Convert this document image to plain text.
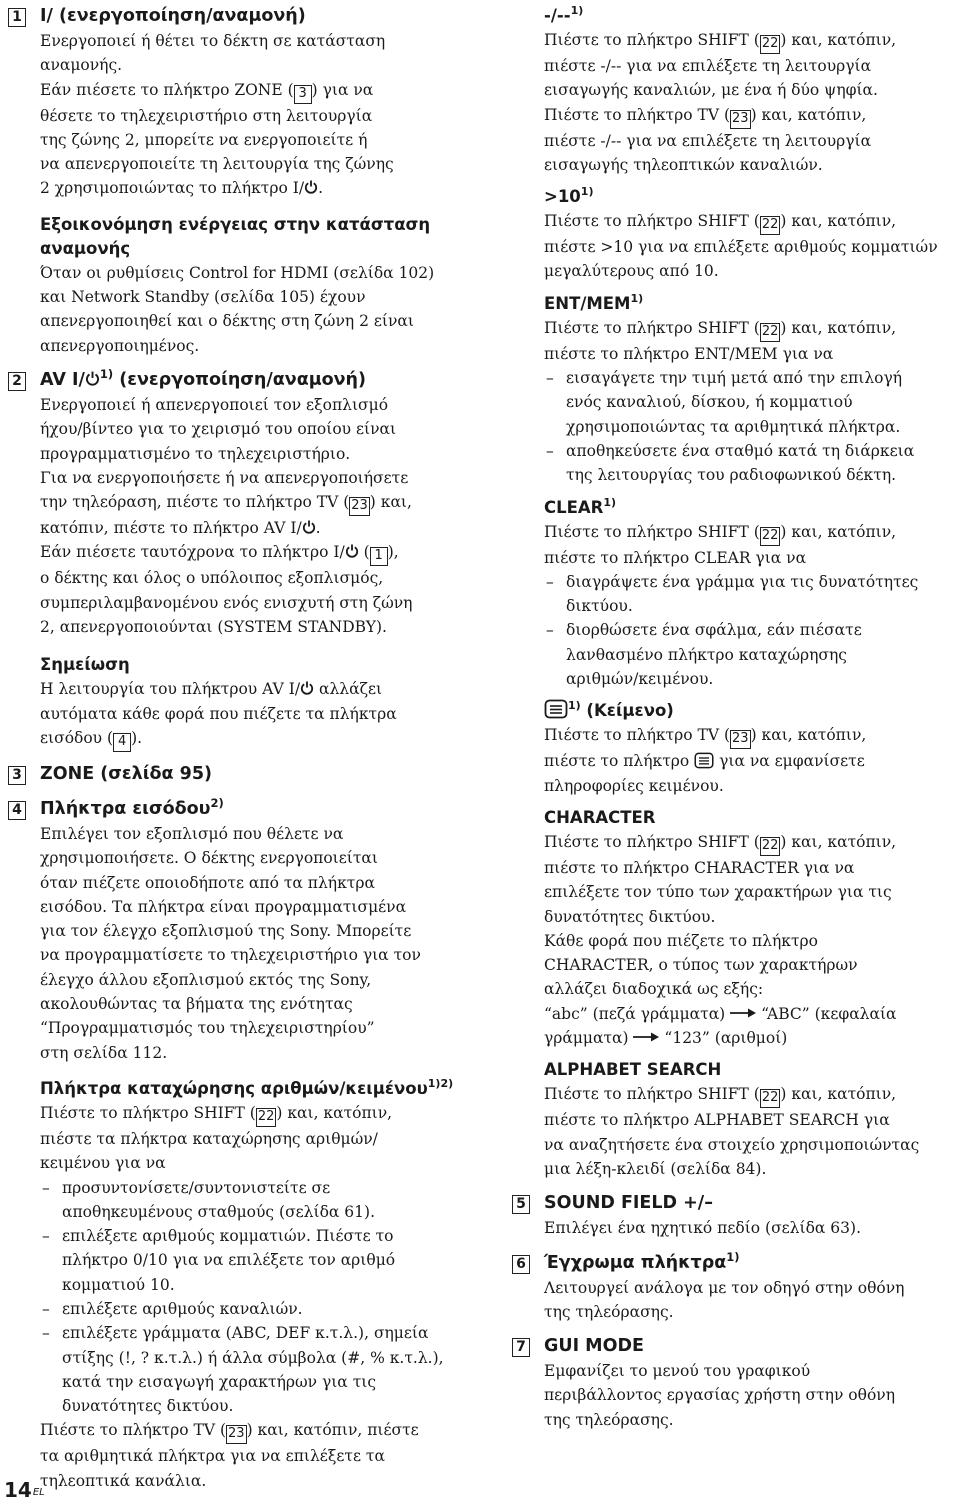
1 I/ (ενεργοποίηση/αναμονή)
Ενεργοποιεί ή θέτει το δέκτη σε κατάσταση
αναμονής.
Εάν πιέσετε το πλήκτρο ZONE ( 3 ) για να
θέσετε το τηλεχειριστήριο στη λειτουργία
της ζώνης 2, μπορείτε να ενεργοποιείτε ή
να απενεργοποιείτε τη λειτουργία της ζώνης
2 χρησιμοποιώντας το πλήκτρο I/ .
Εξοικονόμηση ενέργειας στην κατάσταση
αναμονής
Όταν οι ρυθμίσεις Control for HDMI (σελίδα 102)
και Network Standby (σελίδα 105) έχουν
απενεργοποιηθεί και ο δέκτης στη ζώνη 2 είναι
απενεργοποιημένος.
2 AV I/ $^{1)}$ (ενεργοποίηση/αναμονή)
Ενεργοποιεί ή απενεργοποιεί τον εξοπλισμό
ήχου/βίντεο για το χειρισμό του οποίου είναι
προγραμματισμένο το τηλεχειριστήριο.
Για να ενεργοποιήσετε ή να απενεργοποιήσετε
την τηλεόραση, πιέστε το πλήκτρο TV ( 23 ) και,
κατόπιν, πιέστε το πλήκτρο AV I/ .
Εάν πιέσετε ταυτόχρονα το πλήκτρο I/ ( 1 ),
ο δέκτης και όλος ο υπόλοιπος εξοπλισμός,
συμπεριλαμβανομένου ενός ενισχυτή στη ζώνη
2, απενεργοποιούνται (SYSTEM STANDBY).
Σημείωση
Η λειτουργία του πλήκτρου AV I/ αλλάζει
αυτόματα κάθε φορά που πιέζετε τα πλήκτρα
εισόδου ( 4 ).
3 ZONE (σελίδα 95)
4 Πλήκτρα εισόδου$^{2)}$
Επιλέγει τον εξοπλισμό που θέλετε να
χρησιμοποιήσετε. Ο δέκτης ενεργοποιείται
όταν πιέζετε οποιοδήποτε από τα πλήκτρα
εισόδου. Τα πλήκτρα είναι προγραμματισμένα
για τον έλεγχο εξοπλισμού της Sony. Μπορείτε
να προγραμματίσετε το τηλεχειριστήριο για τον
έλεγχο άλλου εξοπλισμού εκτός της Sony,
ακολουθώντας τα βήματα της ενότητας
“Προγραμματισμός του τηλεχειριστηρίου”
στη σελίδα 112.
Πλήκτρα καταχώρησης αριθμών/κειμένου$^{1)2)}$
Πιέστε το πλήκτρο SHIFT ( 22 ) και, κατόπιν,
πιέστε τα πλήκτρα καταχώρησης αριθμών/
κειμένου για να
– προσυντονίσετε/συντονιστείτε σε
αποθηκευμένους σταθμούς (σελίδα 61).
– επιλέξετε αριθμούς κομματιών. Πιέστε το
πλήκτρο 0/10 για να επιλέξετε τον αριθμό
κομματιού 10.
– επιλέξετε αριθμούς καναλιών.
– επιλέξετε γράμματα (ABC, DEF κ.τ.λ.), σημεία
στίξης (!, ? κ.τ.λ.) ή άλλα σύμβολα (#, % κ.τ.λ.),
κατά την εισαγωγή χαρακτήρων για τις
δυνατότητες δικτύου.
Πιέστε το πλήκτρο TV ( 23 ) και, κατόπιν, πιέστε
τα αριθμητικά πλήκτρα για να επιλέξετε τα
τηλεοπτικά κανάλια.
-/--$^{1)}$
Πιέστε το πλήκτρο SHIFT ( 22 ) και, κατόπιν,
πιέστε -/-- για να επιλέξετε τη λειτουργία
εισαγωγής καναλιών, με ένα ή δύο ψηφία.
Πιέστε το πλήκτρο TV ( 23 ) και, κατόπιν,
πιέστε -/-- για να επιλέξετε τη λειτουργία
εισαγωγής τηλεοπτικών καναλιών.
$>10^{1)}$
Πιέστε το πλήκτρο SHIFT ( 22 ) και, κατόπιν,
πιέστε >10 για να επιλέξετε αριθμούς κομματιών
μεγαλύτερους από 10.
ENT/MEM$^{1)}$
Πιέστε το πλήκτρο SHIFT ( 22 ) και, κατόπιν,
πιέστε το πλήκτρο ENT/MEM για να
– εισαγάγετε την τιμή μετά από την επιλογή
ενός καναλιού, δίσκου, ή κομματιού
χρησιμοποιώντας τα αριθμητικά πλήκτρα.
– αποθηκεύσετε ένα σταθμό κατά τη διάρκεια
της λειτουργίας του ραδιοφωνικού δέκτη.
CLEAR$^{1)}$
Πιέστε το πλήκτρο SHIFT ( 22 ) και, κατόπιν,
πιέστε το πλήκτρο CLEAR για να
– διαγράψετε ένα γράμμα για τις δυνατότητες
δικτύου.
– διορθώσετε ένα σφάλμα, εάν πιέσατε
λανθασμένο πλήκτρο καταχώρησης
αριθμών/κειμένου.
$^{1)}$ (Κείμενο)
Πιέστε το πλήκτρο TV ( 23 ) και, κατόπιν,
πιέστε το πλήκτρο  για να εμφανίσετε
πληροφορίες κειμένου.
CHARACTER
Πιέστε το πλήκτρο SHIFT ( 22 ) και, κατόπιν,
πιέστε το πλήκτρο CHARACTER για να
επιλέξετε τον τύπο των χαρακτήρων για τις
δυνατότητες δικτύου.
Κάθε φορά που πιέζετε το πλήκτρο
CHARACTER, ο τύπος των χαρακτήρων
αλλάζει διαδοχικά ως εξής:
“abc” (πεζά γράμματα)  “ABC” (κεφαλαία
γράμματα)  “123” (αριθμοί)
ALPHABET SEARCH
Πιέστε το πλήκτρο SHIFT ( 22 ) και, κατόπιν,
πιέστε το πλήκτρο ALPHABET SEARCH για
να αναζητήσετε ένα στοιχείο χρησιμοποιώντας
μια λέξη-κλειδί (σελίδα 84).
5 SOUND FIELD +/–
Επιλέγει ένα ηχητικό πεδίο (σελίδα 63).
6 Έγχρωμα πλήκτρα$^{1)}$
Λειτουργεί ανάλογα με τον οδηγό στην οθόνη
της τηλεόρασης.
7 GUI MODE
Εμφανίζει το μενού του γραφικού
περιβάλλοντος εργασίας χρήστη στην οθόνη
της τηλεόρασης.
14EL
